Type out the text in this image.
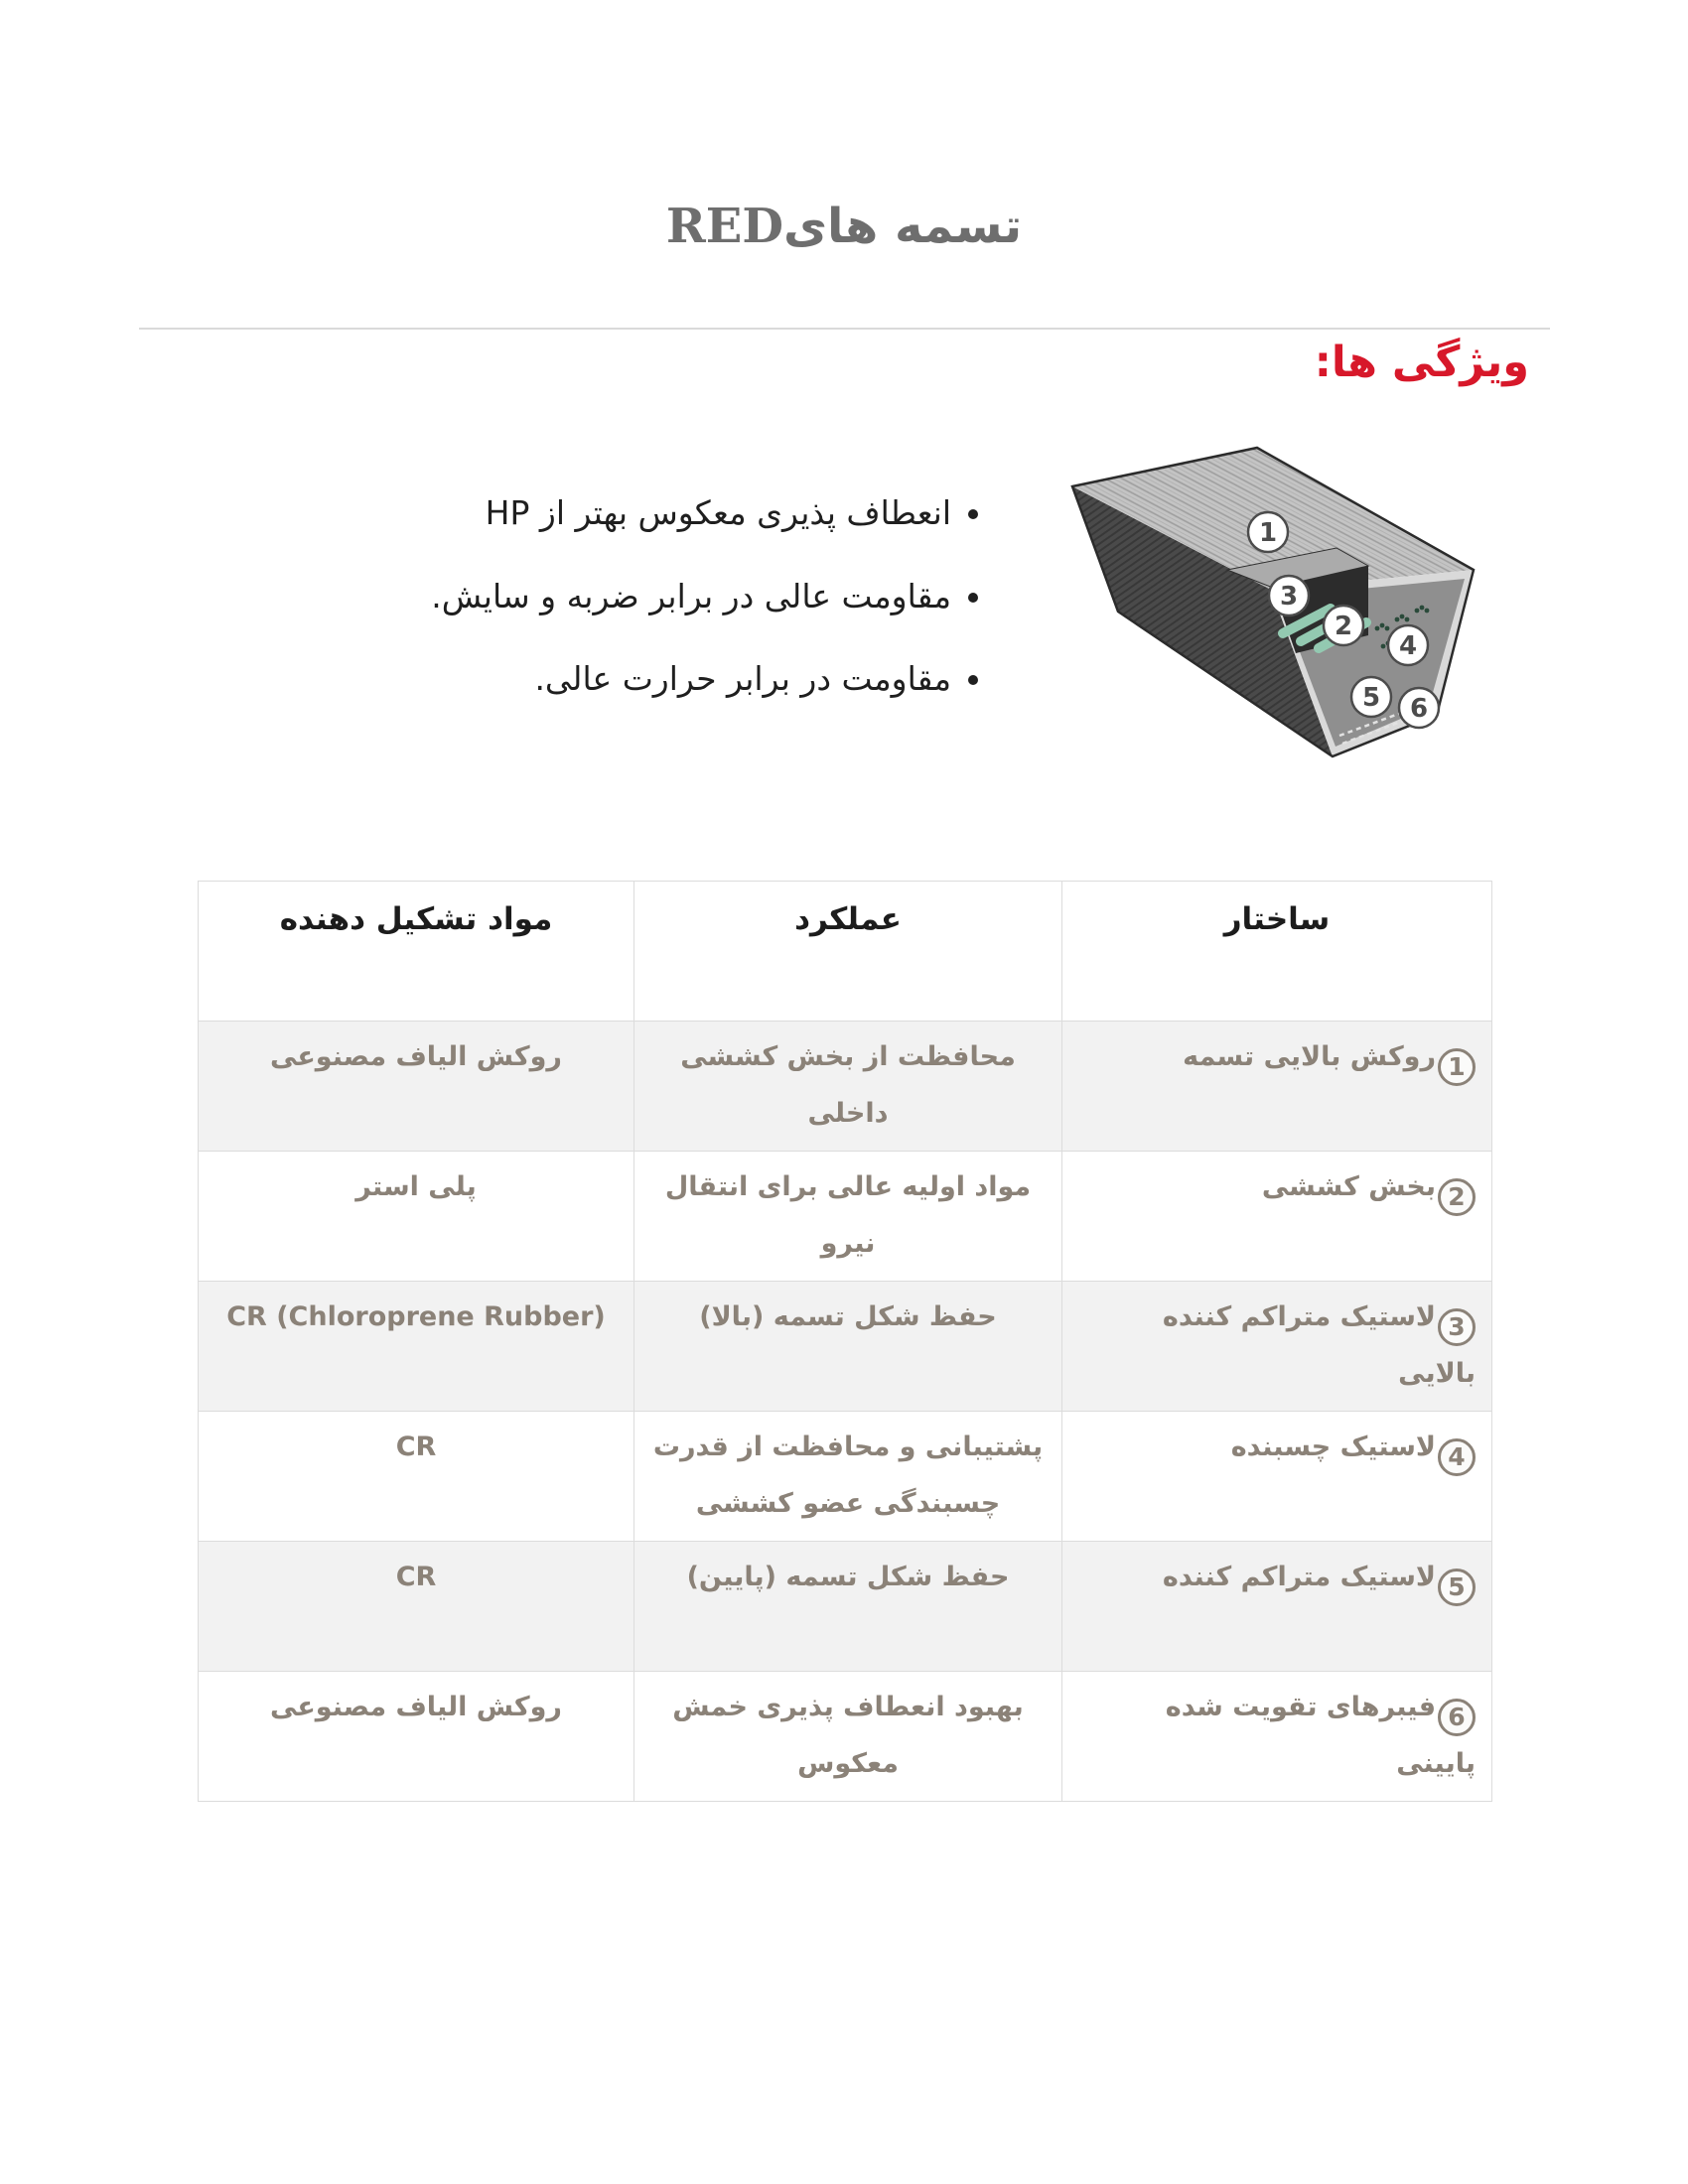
تسمه هایRED
ویژگی ها:
1
3
2
4
5 6
• انعطاف پذیری معکوس بهتر از HP
• مقاومت عالی در برابر ضربه و سایش.
• مقاومت در برابر حرارت عالی.
ساختار	عملکرد	مواد تشکیل دهنده
1روکش بالایی تسمه	محافظت از بخش کششی داخلی	روکش الیاف مصنوعی
2بخش کششی	مواد اولیه عالی برای انتقال نیرو	پلی استر
3لاستیک متراکم کننده بالایی	حفظ شکل تسمه (بالا)	CR (Chloroprene Rubber)
4لاستیک چسبنده	پشتیبانی و محافظت از قدرت چسبندگی عضو کششی	CR
5لاستیک متراکم کننده	حفظ شکل تسمه (پایین)	CR
6فیبرهای تقویت شده پایینی	بهبود انعطاف پذیری خمش معکوس	روکش الیاف مصنوعی
